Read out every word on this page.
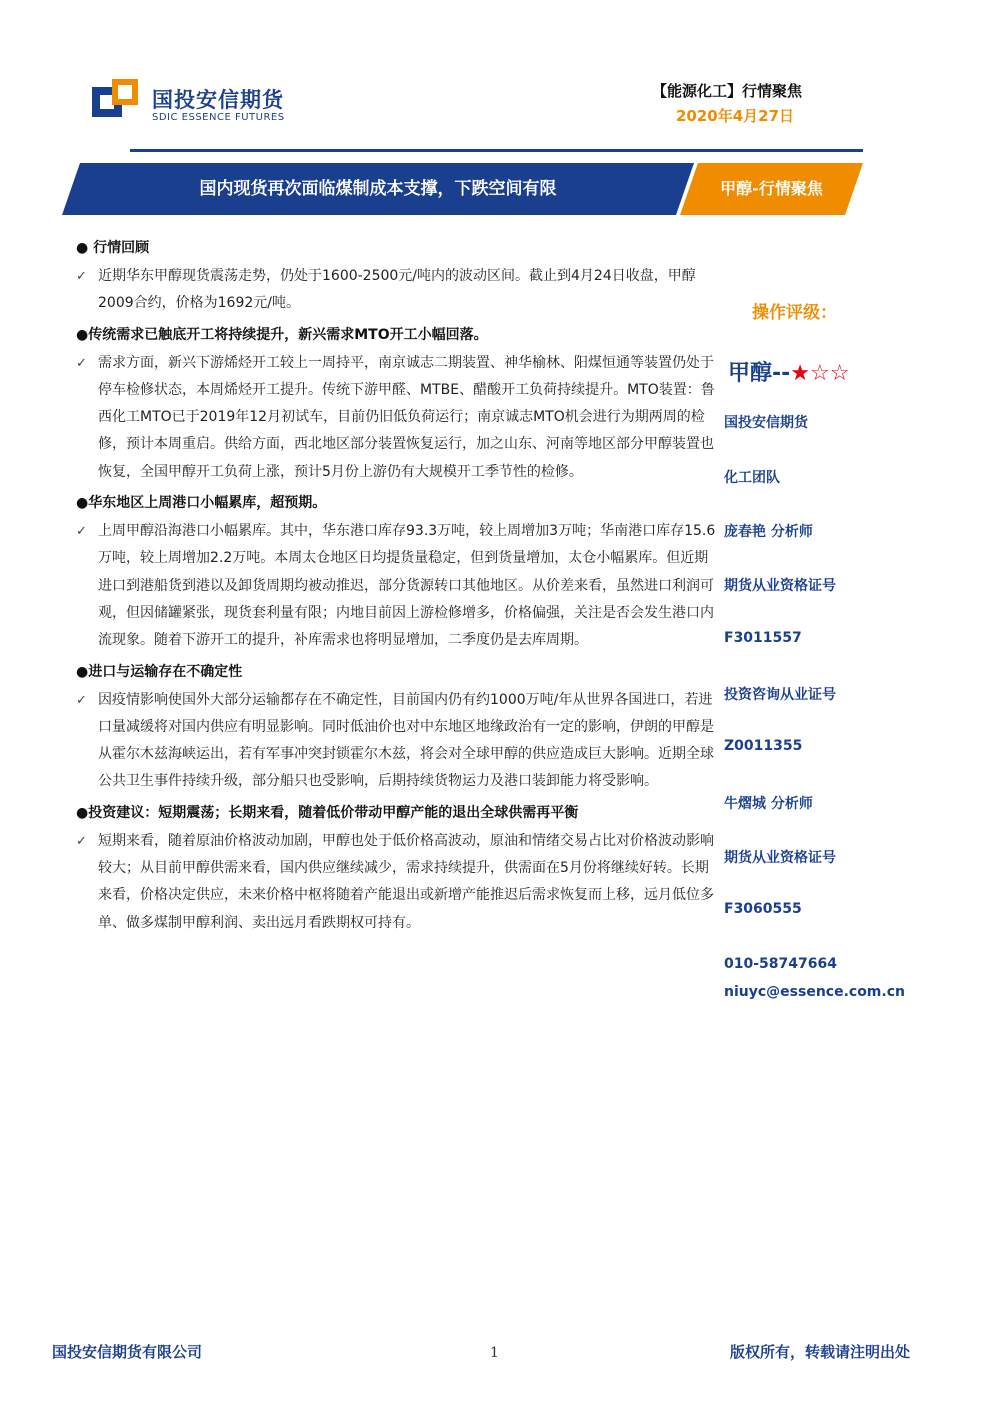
国投安信期货
SDIC ESSENCE FUTURES
【能源化工】行情聚焦
2020年4月27日
国内现货再次面临煤制成本支撑，下跌空间有限	甲醇-行情聚焦
● 行情回顾
✓ 近期华东甲醇现货震荡走势，仍处于1600-2500元/吨内的波动区间。截止到4月24日收盘，甲醇2009合约，价格为1692元/吨。
●传统需求已触底开工将持续提升，新兴需求MTO开工小幅回落。
✓ 需求方面，新兴下游烯烃开工较上一周持平，南京诚志二期装置、神华榆林、阳煤恒通等装置仍处于停车检修状态，本周烯烃开工提升。传统下游甲醛、MTBE、醋酸开工负荷持续提升。MTO装置：鲁西化工MTO已于2019年12月初试车，目前仍旧低负荷运行；南京诚志MTO机会进行为期两周的检修，预计本周重启。供给方面，西北地区部分装置恢复运行，加之山东、河南等地区部分甲醇装置也恢复，全国甲醇开工负荷上涨，预计5月份上游仍有大规模开工季节性的检修。
●华东地区上周港口小幅累库，超预期。
✓ 上周甲醇沿海港口小幅累库。其中，华东港口库存93.3万吨，较上周增加3万吨；华南港口库存15.6万吨，较上周增加2.2万吨。本周太仓地区日均提货量稳定，但到货量增加，太仓小幅累库。但近期进口到港船货到港以及卸货周期均被动推迟，部分货源转口其他地区。从价差来看，虽然进口利润可观，但因储罐紧张，现货套利量有限；内地目前因上游检修增多，价格偏强，关注是否会发生港口内流现象。随着下游开工的提升，补库需求也将明显增加，二季度仍是去库周期。
●进口与运输存在不确定性
✓ 因疫情影响使国外大部分运输都存在不确定性，目前国内仍有约1000万吨/年从世界各国进口，若进口量减缓将对国内供应有明显影响。同时低油价也对中东地区地缘政治有一定的影响，伊朗的甲醇是从霍尔木兹海峡运出，若有军事冲突封锁霍尔木兹，将会对全球甲醇的供应造成巨大影响。近期全球公共卫生事件持续升级，部分船只也受影响，后期持续货物运力及港口装卸能力将受影响。
●投资建议：短期震荡；长期来看，随着低价带动甲醇产能的退出全球供需再平衡
✓ 短期来看，随着原油价格波动加剧，甲醇也处于低价格高波动，原油和情绪交易占比对价格波动影响较大；从目前甲醇供需来看，国内供应继续减少，需求持续提升，供需面在5月份将继续好转。长期来看，价格决定供应，未来价格中枢将随着产能退出或新增产能推迟后需求恢复而上移，远月低位多单、做多煤制甲醇利润、卖出远月看跌期权可持有。
操作评级：
甲醇--★☆☆
国投安信期货
化工团队
庞春艳 分析师
期货从业资格证号
F3011557
投资咨询从业证号
Z0011355
牛熠城 分析师
期货从业资格证号
F3060555
010-58747664
niuyc@essence.com.cn
国投安信期货有限公司	1	版权所有，转载请注明出处
